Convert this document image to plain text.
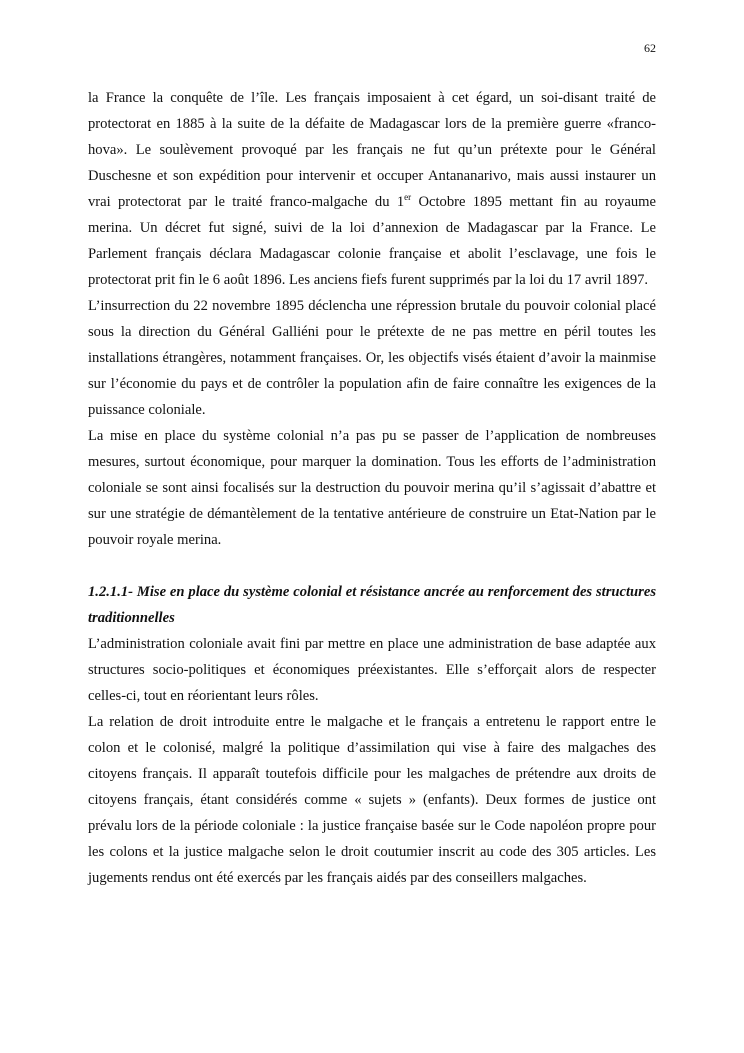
62

la France la conquête de l’île. Les français imposaient à cet égard, un soi-disant traité de protectorat en 1885 à la suite de la défaite de Madagascar lors de la première guerre «franco-hova». Le soulèvement provoqué par les français ne fut qu’un prétexte pour le Général Duschesne et son expédition pour intervenir et occuper Antananarivo, mais aussi instaurer un vrai protectorat par le traité franco-malgache du 1er Octobre 1895 mettant fin au royaume merina. Un décret fut signé, suivi de la loi d’annexion de Madagascar par la France. Le Parlement français déclara Madagascar colonie française et abolit l’esclavage, une fois le protectorat prit fin le 6 août 1896. Les anciens fiefs furent supprimés par la loi du 17 avril 1897.

L’insurrection du 22 novembre 1895 déclencha une répression brutale du pouvoir colonial placé sous la direction du Général Galliéni pour le prétexte de ne pas mettre en péril toutes les installations étrangères, notamment françaises. Or, les objectifs visés étaient d’avoir la mainmise sur l’économie du pays et de contrôler la population afin de faire connaître les exigences de la puissance coloniale.

La mise en place du système colonial n’a pas pu se passer de l’application de nombreuses mesures, surtout économique, pour marquer la domination. Tous les efforts de l’administration coloniale se sont ainsi focalisés sur la destruction du pouvoir merina qu’il s’agissait d’abattre et sur une stratégie de démantèlement de la tentative antérieure de construire un Etat-Nation par le pouvoir royale merina.

1.2.1.1- Mise en place du système colonial et résistance ancrée au renforcement des structures traditionnelles

L’administration coloniale avait fini par mettre en place une administration de base adaptée aux structures socio-politiques et économiques préexistantes. Elle s’efforçait alors de respecter celles-ci, tout en réorientant leurs rôles.

La relation de droit introduite entre le malgache et le français a entretenu le rapport entre le colon et le colonisé, malgré la politique d’assimilation qui vise à faire des malgaches des citoyens français. Il apparaît toutefois difficile pour les malgaches de prétendre aux droits de citoyens français, étant considérés comme « sujets » (enfants). Deux formes de justice ont prévalu lors de la période coloniale : la justice française basée sur le Code napoléon propre pour les colons et la justice malgache selon le droit coutumier inscrit au code des 305 articles. Les jugements rendus ont été exercés par les français aidés par des conseillers malgaches.
